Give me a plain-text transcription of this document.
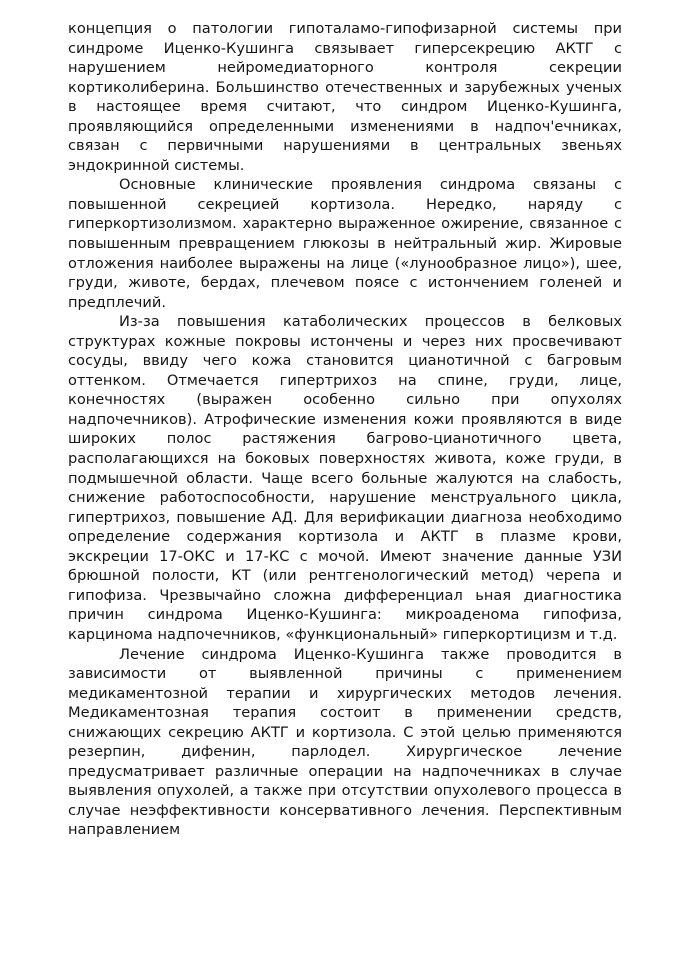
концепция о патологии гипоталамо-гипофизарной системы при синдроме Иценко-Кушинга связывает гиперсекрецию АКТГ с нарушением нейромедиаторного контроля секреции кортиколиберина. Большинство отечественных и зарубежных ученых в настоящее время считают, что синдром Иценко-Кушинга, проявляющийся определенными изменениями в надпоч'ечниках, связан с первичными нарушениями в центральных звеньях эндокринной системы.

Основные клинические проявления синдрома связаны с повышенной секрецией кортизола. Нередко, наряду с гиперкортизолизмом. характерно выраженное ожирение, связанное с повышенным превращением глюкозы в нейтральный жир. Жировые отложения наиболее выражены на лице («лунообразное лицо»), шее, груди, животе, бердах, плечевом поясе с истончением голеней и предплечий.

Из-за повышения катаболических процессов в белковых структурах кожные покровы истончены и через них просвечивают сосуды, ввиду чего кожа становится цианотичной с багровым оттенком. Отмечается гипертрихоз на спине, груди, лице, конечностях (выражен особенно сильно при опухолях надпочечников). Атрофические изменения кожи проявляются в виде широких полос растяжения багрово-цианотичного цвета, располагающихся на боковых поверхностях живота, коже груди, в подмышечной области. Чаще всего больные жалуются на слабость, снижение работоспособности, нарушение менструального цикла, гипертрихоз, повышение АД. Для верификации диагноза необходимо определение содержания кортизола и АКТГ в плазме крови, экскреции 17-ОКС и 17-КС с мочой. Имеют значение данные УЗИ брюшной полости, КТ (или рентгенологический метод) черепа и гипофиза. Чрезвычайно сложна дифференциал ьная диагностика причин синдрома Иценко-Кушинга: микроаденома гипофиза, карцинома надпочечников, «функциональный» гиперкортицизм и т.д.

Лечение синдрома Иценко-Кушинга также проводится в зависимости от выявленной причины с применением медикаментозной терапии и хирургических методов лечения. Медикаментозная терапия состоит в применении средств, снижающих секрецию АКТГ и кортизола. С этой целью применяются резерпин, дифенин, парлодел. Хирургическое лечение предусматривает различные операции на надпочечниках в случае выявления опухолей, а также при отсутствии опухолевого процесса в случае неэффективности консервативного лечения. Перспективным направлением
